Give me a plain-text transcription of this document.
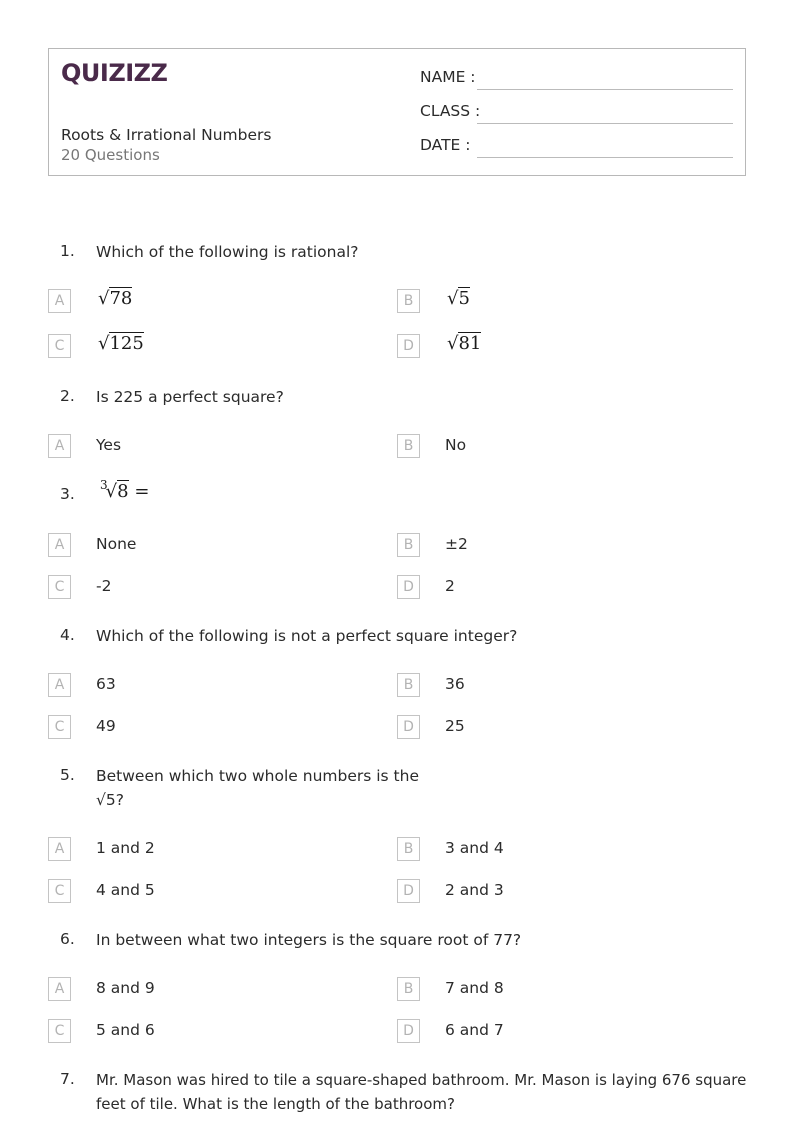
QUIZIZZ
Roots & Irrational Numbers
20 Questions
NAME :
CLASS :
DATE :
1. Which of the following is rational?
A	√78	B	√5
C	√125	D	√81
2. Is 225 a perfect square?
A	Yes	B	No
3. $^3$√8 =
A	None	B	±2
C	-2	D	2
4. Which of the following is not a perfect square integer?
A	63	B	36
C	49	D	25
5. Between which two whole numbers is the
√5?
A	1 and 2	B	3 and 4
C	4 and 5	D	2 and 3
6. In between what two integers is the square root of 77?
A	8 and 9	B	7 and 8
C	5 and 6	D	6 and 7
7. Mr. Mason was hired to tile a square-shaped bathroom. Mr. Mason is laying 676 square
feet of tile. What is the length of the bathroom?
